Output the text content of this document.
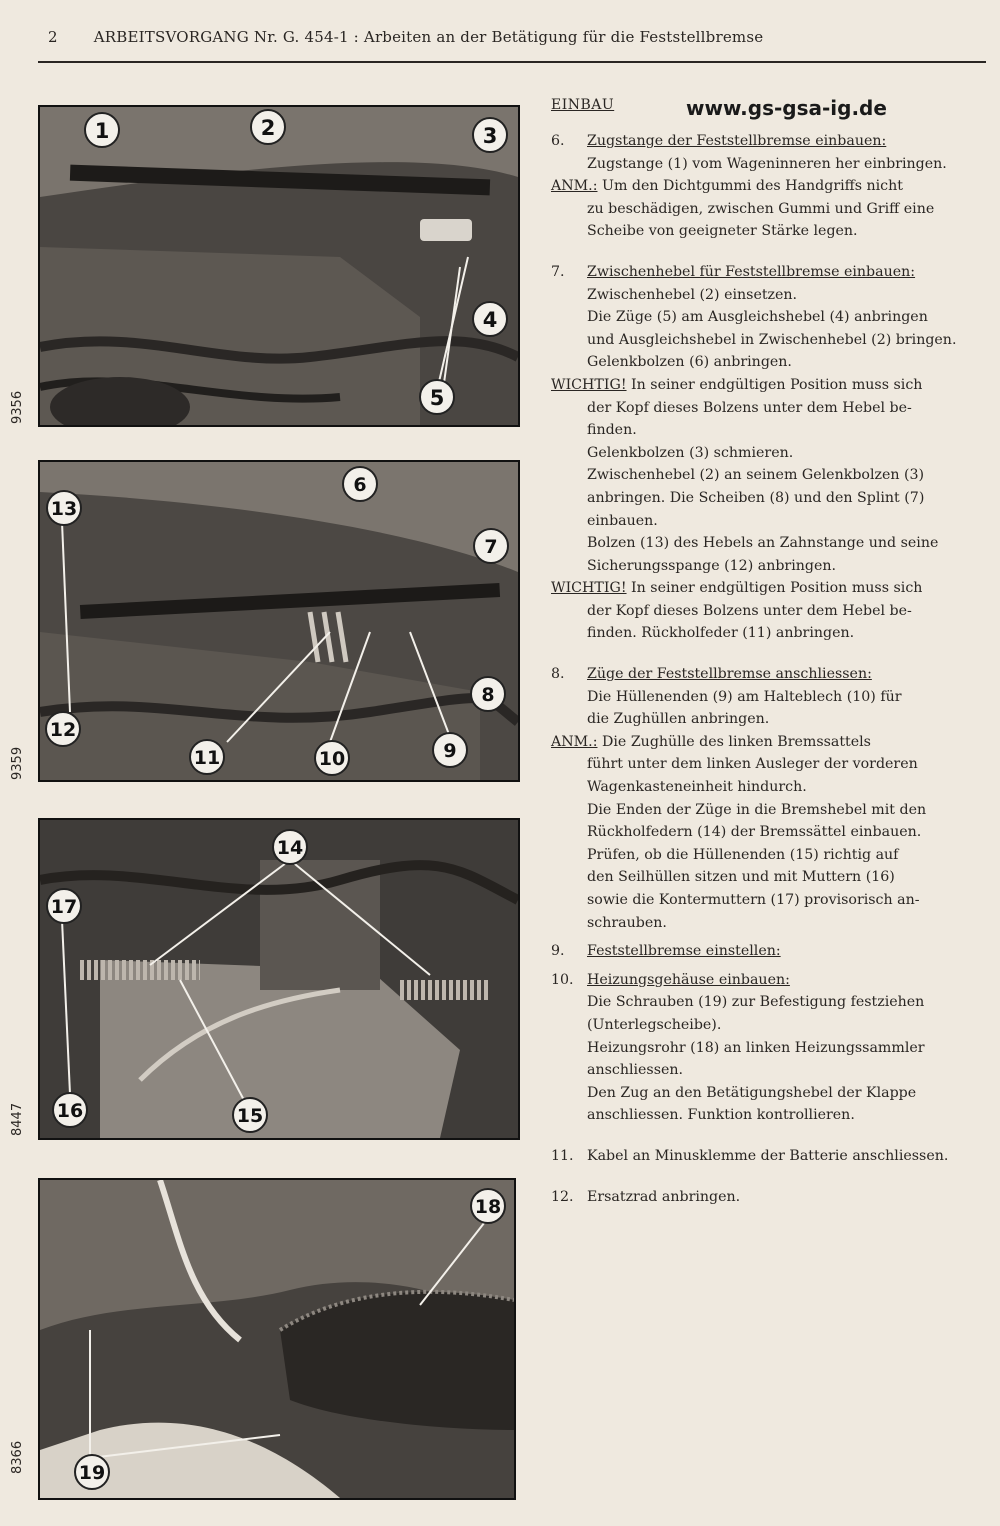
2 ARBEITSVORGANG Nr. G. 454-1 : Arbeiten an der Betätigung für die Feststellbremse
1	2	3
4
5
9356
6
7
8
9
10
11
12
13
9359
14
15
16
17
8447
18
19
8366
EINBAU	www.gs-gsa-ig.de
6. Zugstange der Feststellbremse einbauen:
Zugstange (1) vom Wageninneren her einbringen.
ANM.: Um den Dichtgummi des Handgriffs nicht
zu beschädigen, zwischen Gummi und Griff eine
Scheibe von geeigneter Stärke legen.
7. Zwischenhebel für Feststellbremse einbauen:
Zwischenhebel (2) einsetzen.
Die Züge (5) am Ausgleichshebel (4) anbringen
und Ausgleichshebel in Zwischenhebel (2) bringen.
Gelenkbolzen (6) anbringen.
WICHTIG! In seiner endgültigen Position muss sich
der Kopf dieses Bolzens unter dem Hebel be-
finden.
Gelenkbolzen (3) schmieren.
Zwischenhebel (2) an seinem Gelenkbolzen (3)
anbringen. Die Scheiben (8) und den Splint (7)
einbauen.
Bolzen (13) des Hebels an Zahnstange und seine
Sicherungsspange (12) anbringen.
WICHTIG! In seiner endgültigen Position muss sich
der Kopf dieses Bolzens unter dem Hebel be-
finden. Rückholfeder (11) anbringen.
8. Züge der Feststellbremse anschliessen:
Die Hüllenenden (9) am Halteblech (10) für
die Zughüllen anbringen.
ANM.: Die Zughülle des linken Bremssattels
führt unter dem linken Ausleger der vorderen
Wagenkasteneinheit hindurch.
Die Enden der Züge in die Bremshebel mit den
Rückholfedern (14) der Bremssättel einbauen.
Prüfen, ob die Hüllenenden (15) richtig auf
den Seilhüllen sitzen und mit Muttern (16)
sowie die Kontermuttern (17) provisorisch an-
schrauben.
9. Feststellbremse einstellen:
10. Heizungsgehäuse einbauen:
Die Schrauben (19) zur Befestigung festziehen
(Unterlegscheibe).
Heizungsrohr (18) an linken Heizungssammler
anschliessen.
Den Zug an den Betätigungshebel der Klappe
anschliessen. Funktion kontrollieren.
11. Kabel an Minusklemme der Batterie anschliessen.
12. Ersatzrad anbringen.
